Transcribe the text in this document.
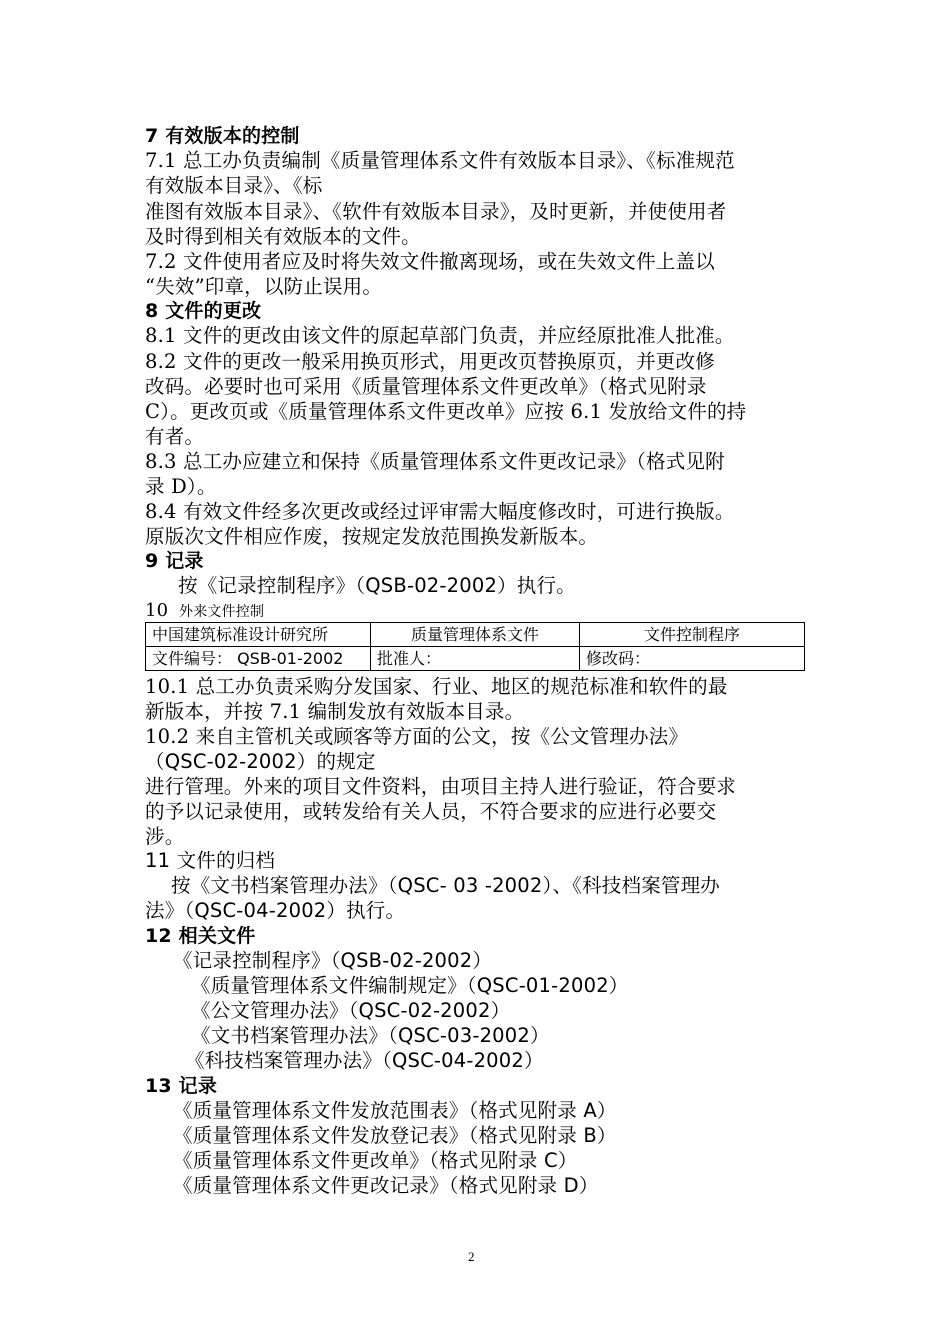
7 有效版本的控制
7.1 总工办负责编制《质量管理体系文件有效版本目录》、《标准规范
有效版本目录》、《标
准图有效版本目录》、《软件有效版本目录》，及时更新，并使使用者
及时得到相关有效版本的文件。
7.2 文件使用者应及时将失效文件撤离现场，或在失效文件上盖以
“失效”印章，以防止误用。
8 文件的更改
8.1 文件的更改由该文件的原起草部门负责，并应经原批准人批准。
8.2 文件的更改一般采用换页形式，用更改页替换原页，并更改修
改码。必要时也可采用《质量管理体系文件更改单》（格式见附录
C）。更改页或《质量管理体系文件更改单》应按 6.1 发放给文件的持
有者。
8.3 总工办应建立和保持《质量管理体系文件更改记录》（格式见附
录 D）。
8.4 有效文件经多次更改或经过评审需大幅度修改时，可进行换版。
原版次文件相应作废，按规定发放范围换发新版本。
9 记录
按《记录控制程序》（QSB-02-2002）执行。
10 外来文件控制
中国建筑标准设计研究所	质量管理体系文件	文件控制程序
文件编号： QSB-01-2002	批准人：	修改码：
10.1 总工办负责采购分发国家、行业、地区的规范标准和软件的最
新版本，并按 7.1 编制发放有效版本目录。
10.2 来自主管机关或顾客等方面的公文，按《公文管理办法》
（QSC-02-2002）的规定
进行管理。外来的项目文件资料，由项目主持人进行验证，符合要求
的予以记录使用，或转发给有关人员，不符合要求的应进行必要交
涉。
11 文件的归档
按《文书档案管理办法》（QSC- 03 -2002）、《科技档案管理办
法》（QSC-04-2002）执行。
12 相关文件
《记录控制程序》（QSB-02-2002）
《质量管理体系文件编制规定》（QSC-01-2002）
《公文管理办法》（QSC-02-2002）
《文书档案管理办法》（QSC-03-2002）
《科技档案管理办法》（QSC-04-2002）
13 记录
《质量管理体系文件发放范围表》（格式见附录 A）
《质量管理体系文件发放登记表》（格式见附录 B）
《质量管理体系文件更改单》（格式见附录 C）
《质量管理体系文件更改记录》（格式见附录 D）
2
